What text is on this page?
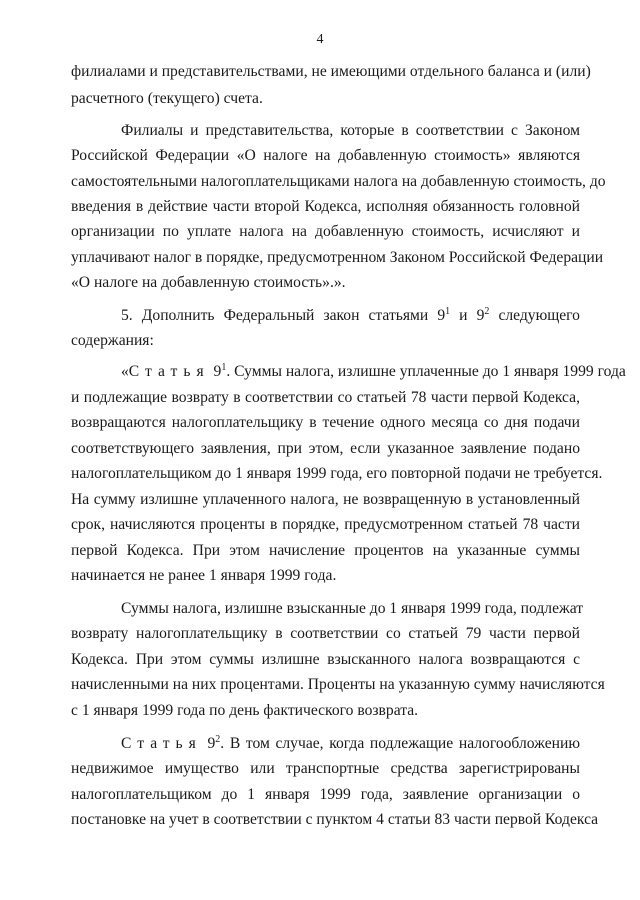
4
филиалами и представительствами, не имеющими отдельного баланса и (или)
расчетного (текущего) счета.
Филиалы и представительства, которые в соответствии с Законом
Российской Федерации «О налоге на добавленную стоимость» являются
самостоятельными налогоплательщиками налога на добавленную стоимость, до
введения в действие части второй Кодекса, исполняя обязанность головной
организации по уплате налога на добавленную стоимость, исчисляют и
уплачивают налог в порядке, предусмотренном Законом Российской Федерации
«О налоге на добавленную стоимость».».
5. Дополнить Федеральный закон статьями $9^1$ и $9^2$ следующего
содержания:
«Статья $9^1$. Суммы налога, излишне уплаченные до 1 января 1999 года
и подлежащие возврату в соответствии со статьей 78 части первой Кодекса,
возвращаются налогоплательщику в течение одного месяца со дня подачи
соответствующего заявления, при этом, если указанное заявление подано
налогоплательщиком до 1 января 1999 года, его повторной подачи не требуется.
На сумму излишне уплаченного налога, не возвращенную в установленный
срок, начисляются проценты в порядке, предусмотренном статьей 78 части
первой Кодекса. При этом начисление процентов на указанные суммы
начинается не ранее 1 января 1999 года.
Суммы налога, излишне взысканные до 1 января 1999 года, подлежат
возврату налогоплательщику в соответствии со статьей 79 части первой
Кодекса. При этом суммы излишне взысканного налога возвращаются с
начисленными на них процентами. Проценты на указанную сумму начисляются
с 1 января 1999 года по день фактического возврата.
Статья $9^2$. В том случае, когда подлежащие налогообложению
недвижимое имущество или транспортные средства зарегистрированы
налогоплательщиком до 1 января 1999 года, заявление организации о
постановке на учет в соответствии с пунктом 4 статьи 83 части первой Кодекса
